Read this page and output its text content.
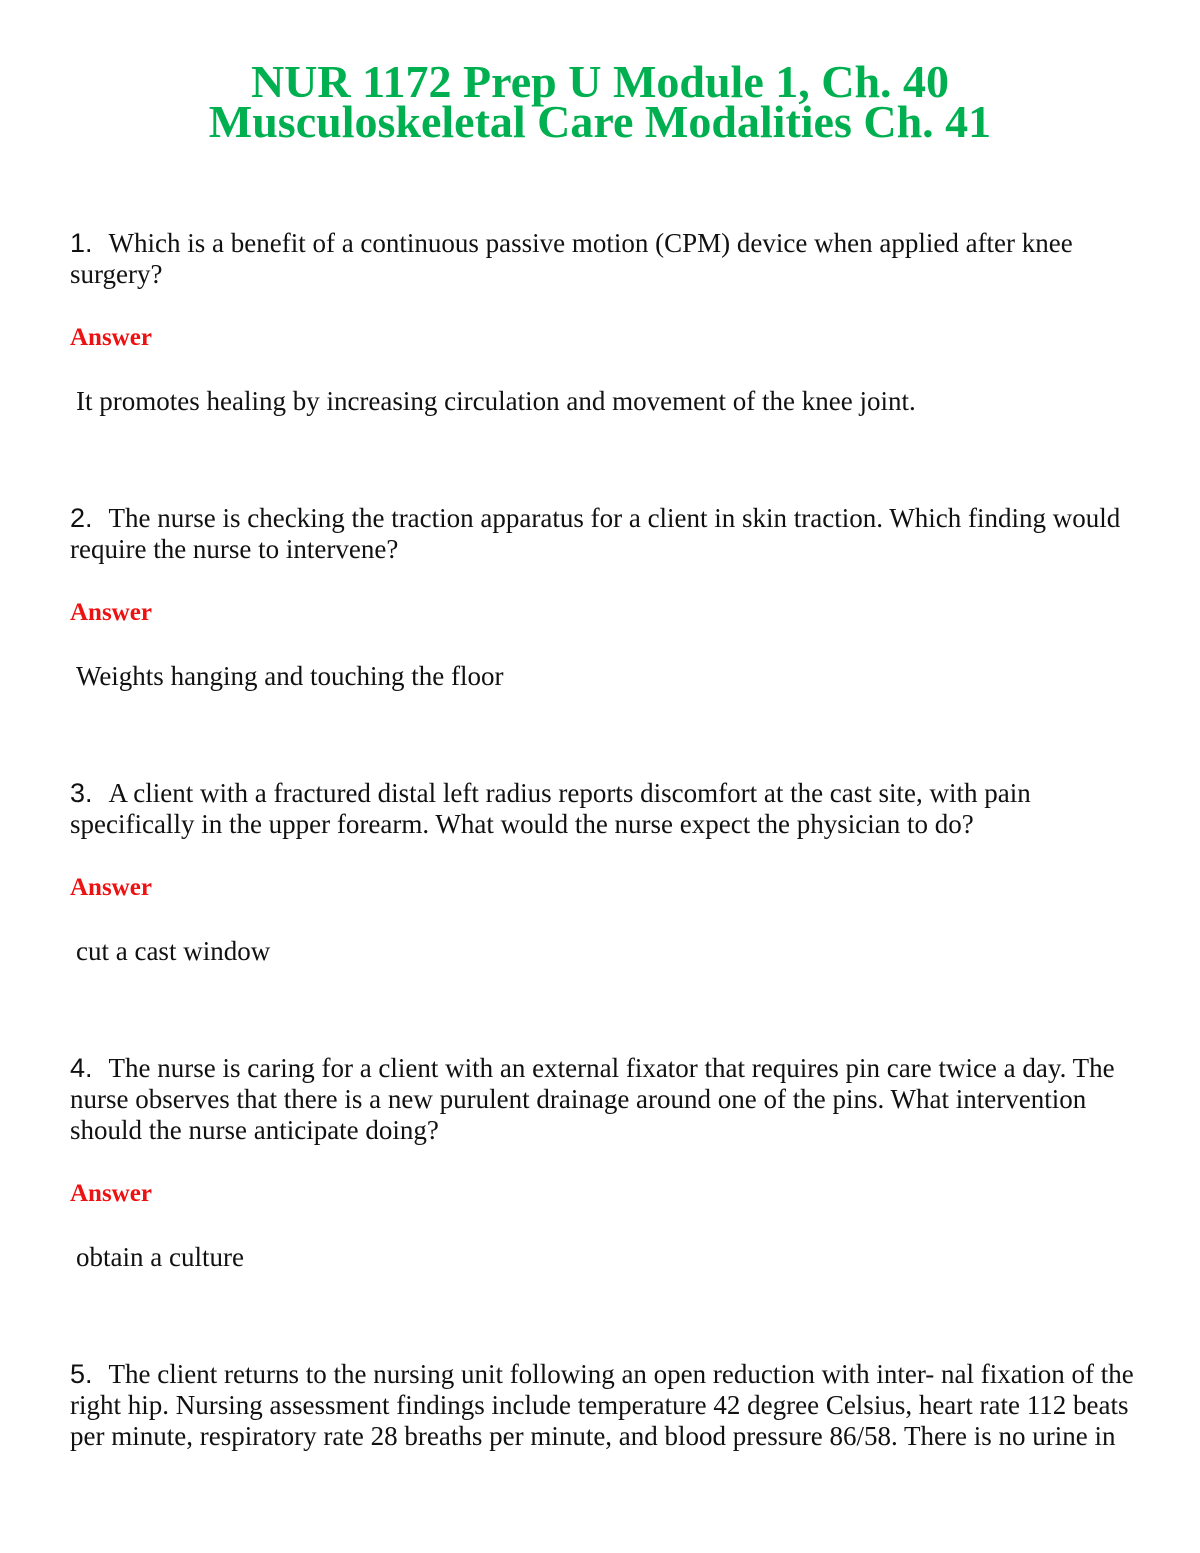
NUR 1172 Prep U Module 1, Ch. 40
Musculoskeletal Care Modalities Ch. 41

1. Which is a benefit of a continuous passive motion (CPM) device when applied after knee surgery?

Answer
It promotes healing by increasing circulation and movement of the knee joint.

2. The nurse is checking the traction apparatus for a client in skin traction. Which finding would require the nurse to intervene?

Answer
Weights hanging and touching the floor

3. A client with a fractured distal left radius reports discomfort at the cast site, with pain specifically in the upper forearm. What would the nurse expect the physician to do?

Answer
cut a cast window

4. The nurse is caring for a client with an external fixator that requires pin care twice a day. The nurse observes that there is a new purulent drainage around one of the pins. What intervention should the nurse anticipate doing?

Answer
obtain a culture

5. The client returns to the nursing unit following an open reduction with inter- nal fixation of the right hip. Nursing assessment findings include temperature 42 degree Celsius, heart rate 112 beats per minute, respiratory rate 28 breaths per minute, and blood pressure 86/58. There is no urine in
